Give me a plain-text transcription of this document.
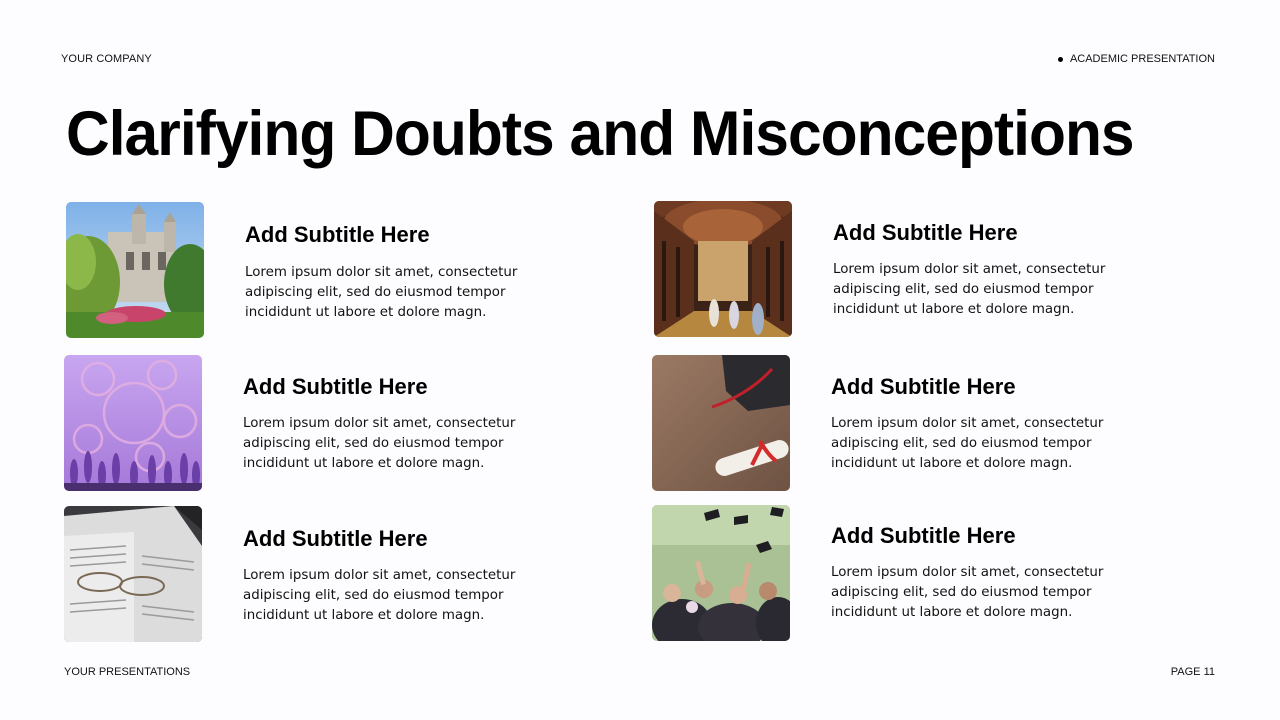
YOUR COMPANY	ACADEMIC PRESENTATION
Clarifying Doubts and Misconceptions
Add Subtitle Here

Lorem ipsum dolor sit amet, consectetur adipiscing elit, sed do eiusmod tempor incididunt ut labore et dolore magn.

Add Subtitle Here

Lorem ipsum dolor sit amet, consectetur adipiscing elit, sed do eiusmod tempor incididunt ut labore et dolore magn.

Add Subtitle Here

Lorem ipsum dolor sit amet, consectetur adipiscing elit, sed do eiusmod tempor incididunt ut labore et dolore magn.

Add Subtitle Here

Lorem ipsum dolor sit amet, consectetur adipiscing elit, sed do eiusmod tempor incididunt ut labore et dolore magn.

Add Subtitle Here

Lorem ipsum dolor sit amet, consectetur adipiscing elit, sed do eiusmod tempor incididunt ut labore et dolore magn.

Add Subtitle Here

Lorem ipsum dolor sit amet, consectetur adipiscing elit, sed do eiusmod tempor incididunt ut labore et dolore magn.

YOUR PRESENTATIONS	PAGE 11
